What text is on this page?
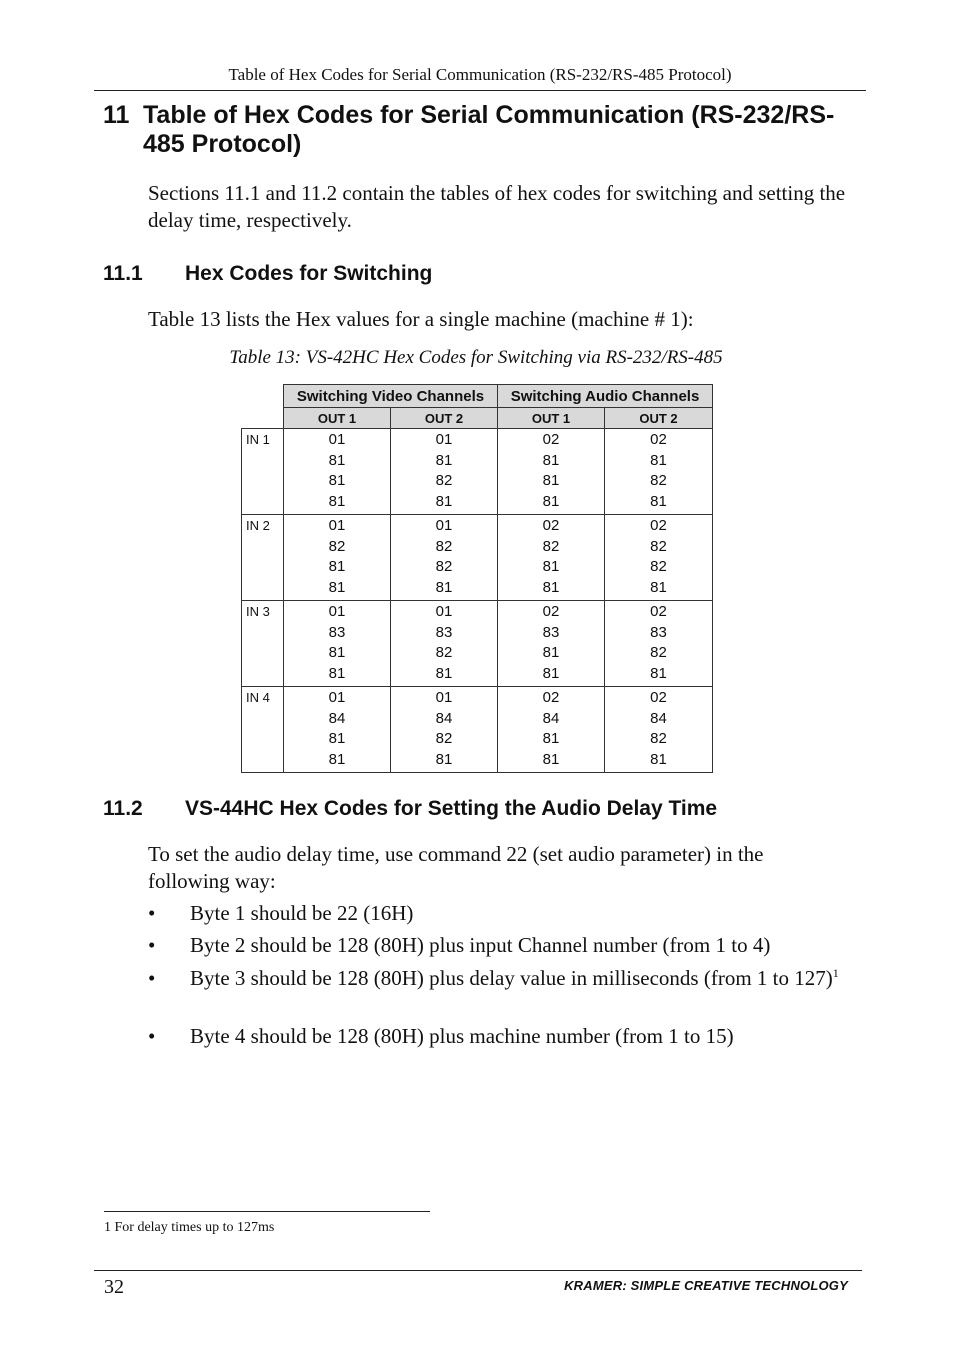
Table of Hex Codes for Serial Communication (RS-232/RS-485 Protocol)
11 Table of Hex Codes for Serial Communication (RS-232/RS-485 Protocol)
Sections 11.1 and 11.2 contain the tables of hex codes for switching and setting the delay time, respectively.
11.1 Hex Codes for Switching
Table 13 lists the Hex values for a single machine (machine # 1):
Table 13: VS-42HC Hex Codes for Switching via RS-232/RS-485
	Switching Video Channels		Switching Audio Channels	
	OUT 1	OUT 2	OUT 1	OUT 2
IN 1	01
81
81
81	01
81
82
81	02
81
81
81	02
81
82
81

IN 2	01
82
81
81	01
82
82
81	02
82
81
81	02
82
82
81

IN 3	01
83
81
81	01
83
82
81	02
83
81
81	02
83
82
81

IN 4	01
84
81
81	01
84
82
81	02
84
81
81	02
84
82
81
11.2 VS-44HC Hex Codes for Setting the Audio Delay Time
To set the audio delay time, use command 22 (set audio parameter) in the following way:
•	Byte 1 should be 22 (16H)
•	Byte 2 should be 128 (80H) plus input Channel number (from 1 to 4)
•	Byte 3 should be 128 (80H) plus delay value in milliseconds (from 1 to 127)$^1$
•	Byte 4 should be 128 (80H) plus machine number (from 1 to 15)
1 For delay times up to 127ms
32	KRAMER: SIMPLE CREATIVE TECHNOLOGY
